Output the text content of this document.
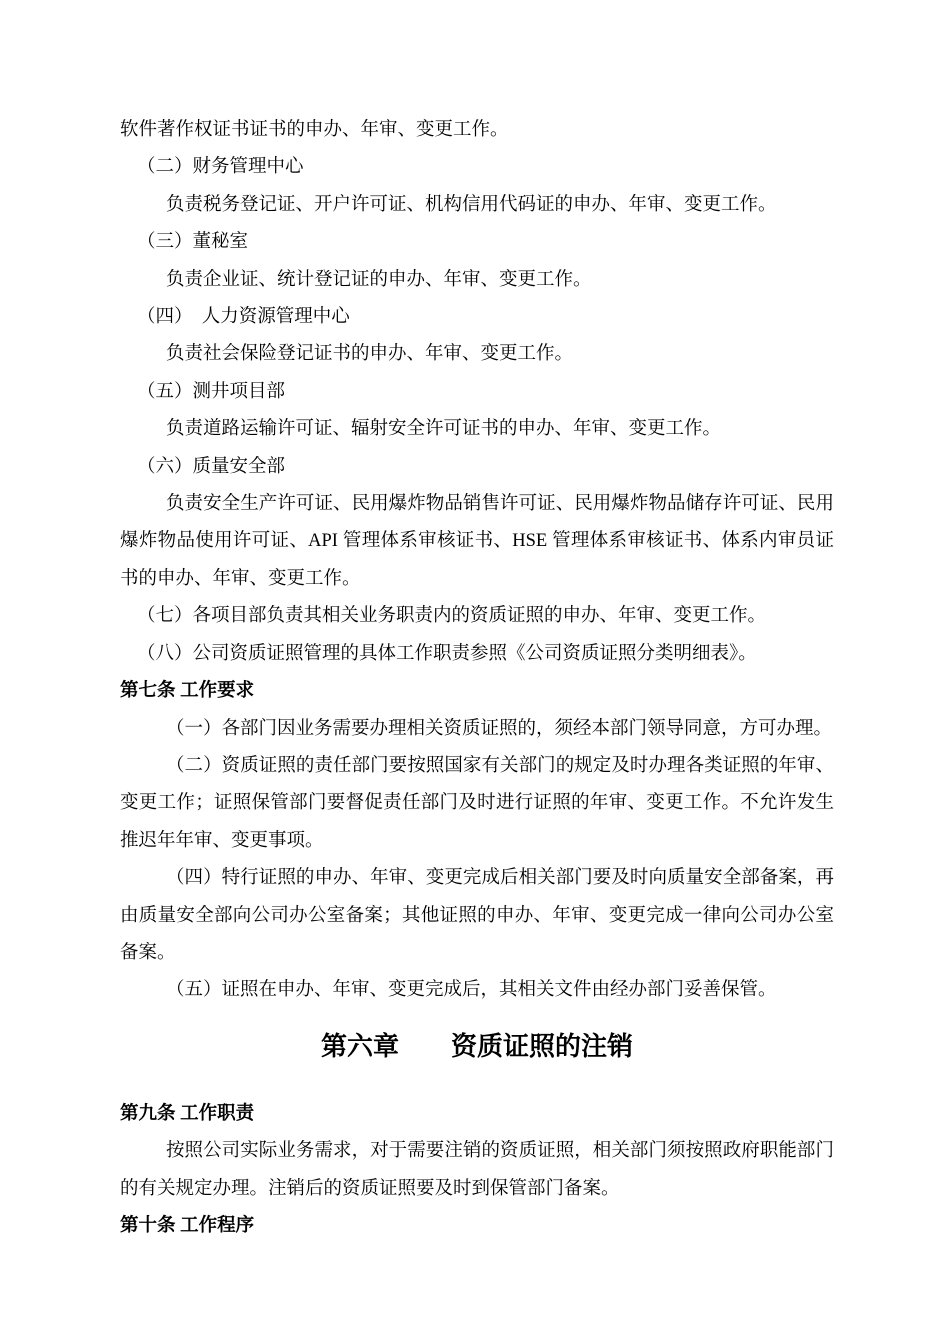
软件著作权证书证书的申办、年审、变更工作。

（二）财务管理中心

负责税务登记证、开户许可证、机构信用代码证的申办、年审、变更工作。

（三）董秘室

负责企业证、统计登记证的申办、年审、变更工作。

（四）　人力资源管理中心

负责社会保险登记证书的申办、年审、变更工作。

（五）测井项目部

负责道路运输许可证、辐射安全许可证书的申办、年审、变更工作。

（六）质量安全部

负责安全生产许可证、民用爆炸物品销售许可证、民用爆炸物品储存许可证、民用爆炸物品使用许可证、API 管理体系审核证书、HSE 管理体系审核证书、体系内审员证书的申办、年审、变更工作。

（七）各项目部负责其相关业务职责内的资质证照的申办、年审、变更工作。

（八）公司资质证照管理的具体工作职责参照《公司资质证照分类明细表》。

第七条 工作要求

（一）各部门因业务需要办理相关资质证照的，须经本部门领导同意，方可办理。

（二）资质证照的责任部门要按照国家有关部门的规定及时办理各类证照的年审、变更工作；证照保管部门要督促责任部门及时进行证照的年审、变更工作。不允许发生推迟年年审、变更事项。

（四）特行证照的申办、年审、变更完成后相关部门要及时向质量安全部备案，再由质量安全部向公司办公室备案；其他证照的申办、年审、变更完成一律向公司办公室备案。

（五）证照在申办、年审、变更完成后，其相关文件由经办部门妥善保管。

第六章　　资质证照的注销

第九条 工作职责

按照公司实际业务需求，对于需要注销的资质证照，相关部门须按照政府职能部门的有关规定办理。注销后的资质证照要及时到保管部门备案。

第十条 工作程序
